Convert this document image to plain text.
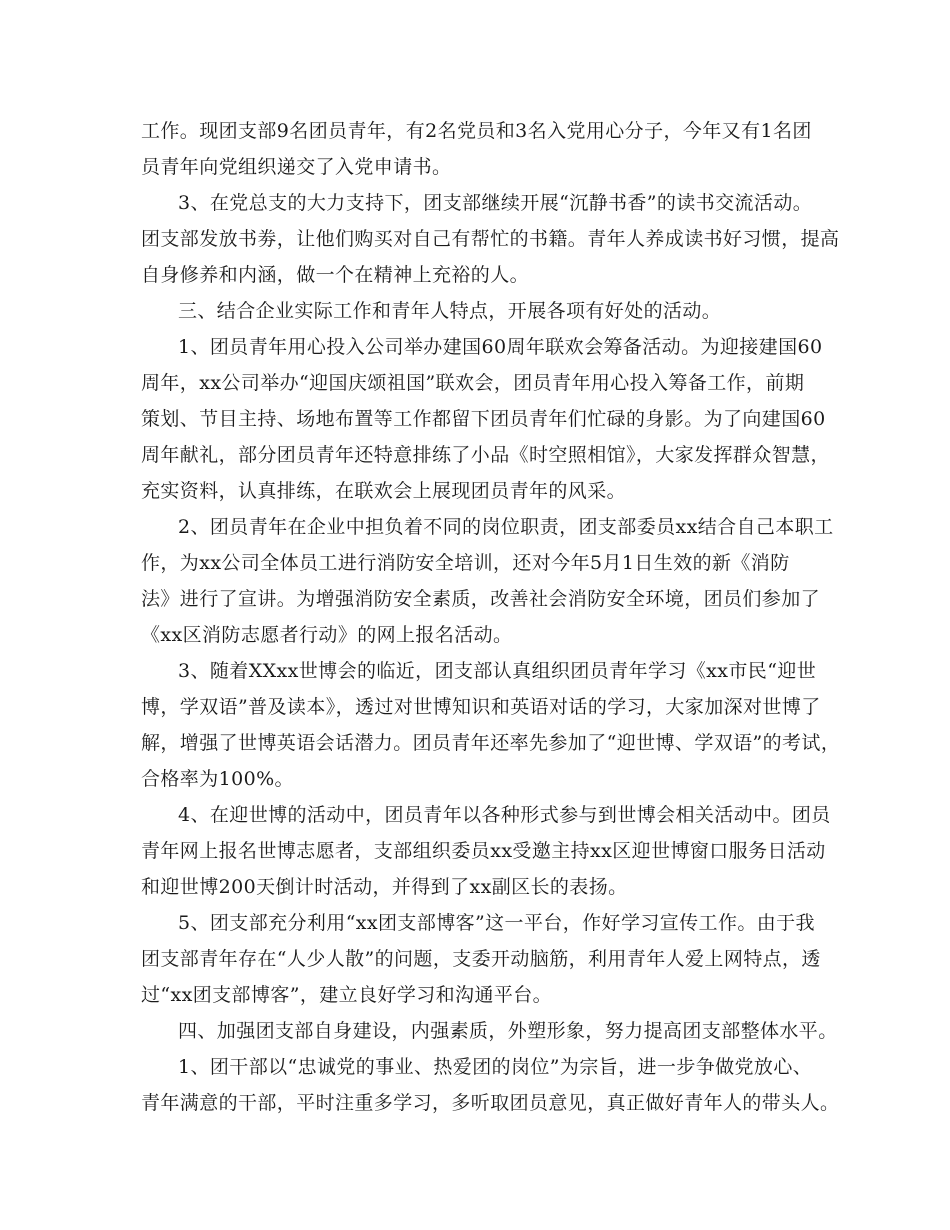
工作。现团支部9名团员青年，有2名党员和3名入党用心分子，今年又有1名团
员青年向党组织递交了入党申请书。
3、在党总支的大力支持下，团支部继续开展“沉静书香”的读书交流活动。
团支部发放书劵，让他们购买对自己有帮忙的书籍。青年人养成读书好习惯，提高
自身修养和内涵，做一个在精神上充裕的人。
三、结合企业实际工作和青年人特点，开展各项有好处的活动。
1、团员青年用心投入公司举办建国60周年联欢会筹备活动。为迎接建国60
周年，xx公司举办“迎国庆颂祖国”联欢会，团员青年用心投入筹备工作，前期
策划、节目主持、场地布置等工作都留下团员青年们忙碌的身影。为了向建国60
周年献礼，部分团员青年还特意排练了小品《时空照相馆》，大家发挥群众智慧，
充实资料，认真排练，在联欢会上展现团员青年的风采。
2、团员青年在企业中担负着不同的岗位职责，团支部委员xx结合自己本职工
作，为xx公司全体员工进行消防安全培训，还对今年5月1日生效的新《消防
法》进行了宣讲。为增强消防安全素质，改善社会消防安全环境，团员们参加了
《xx区消防志愿者行动》的网上报名活动。
3、随着XXxx世博会的临近，团支部认真组织团员青年学习《xx市民“迎世
博，学双语”普及读本》，透过对世博知识和英语对话的学习，大家加深对世博了
解，增强了世博英语会话潜力。团员青年还率先参加了“迎世博、学双语”的考试，
合格率为100%。
4、在迎世博的活动中，团员青年以各种形式参与到世博会相关活动中。团员
青年网上报名世博志愿者，支部组织委员xx受邀主持xx区迎世博窗口服务日活动
和迎世博200天倒计时活动，并得到了xx副区长的表扬。
5、团支部充分利用“xx团支部博客”这一平台，作好学习宣传工作。由于我
团支部青年存在“人少人散”的问题，支委开动脑筋，利用青年人爱上网特点，透
过“xx团支部博客”，建立良好学习和沟通平台。
四、加强团支部自身建设，内强素质，外塑形象，努力提高团支部整体水平。
1、团干部以“忠诚党的事业、热爱团的岗位”为宗旨，进一步争做党放心、
青年满意的干部，平时注重多学习，多听取团员意见，真正做好青年人的带头人。
